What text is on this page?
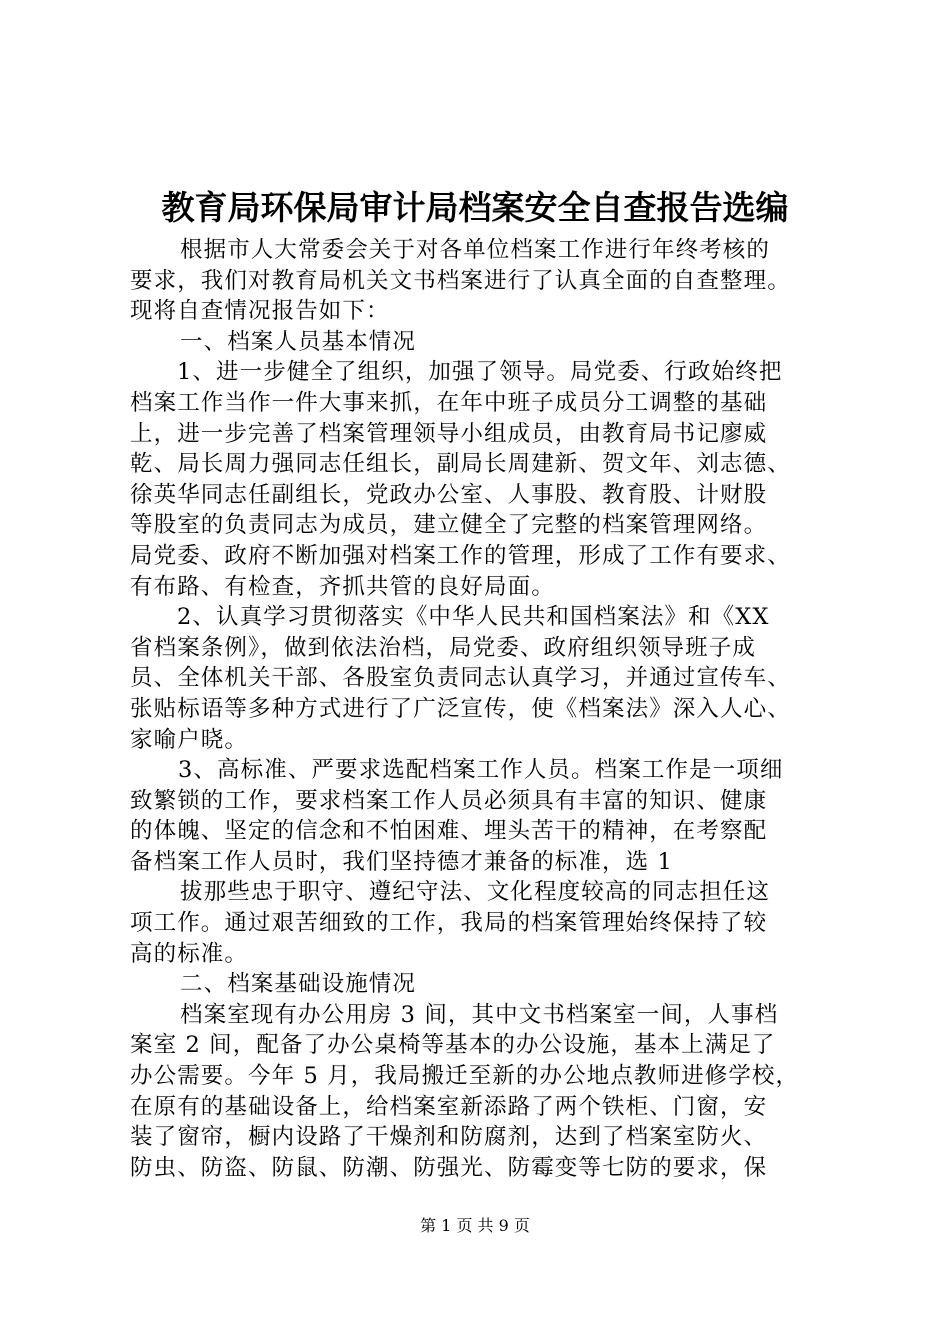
教育局环保局审计局档案安全自查报告选编
根据市人大常委会关于对各单位档案工作进行年终考核的
要求，我们对教育局机关文书档案进行了认真全面的自查整理。
现将自查情况报告如下：
一、档案人员基本情况
1、进一步健全了组织，加强了领导。局党委、行政始终把
档案工作当作一件大事来抓，在年中班子成员分工调整的基础
上，进一步完善了档案管理领导小组成员，由教育局书记廖威
乾、局长周力强同志任组长，副局长周建新、贺文年、刘志德、
徐英华同志任副组长，党政办公室、人事股、教育股、计财股
等股室的负责同志为成员，建立健全了完整的档案管理网络。
局党委、政府不断加强对档案工作的管理，形成了工作有要求、
有布路、有检查，齐抓共管的良好局面。
2、认真学习贯彻落实《中华人民共和国档案法》和《XX
省档案条例》，做到依法治档，局党委、政府组织领导班子成
员、全体机关干部、各股室负责同志认真学习，并通过宣传车、
张贴标语等多种方式进行了广泛宣传，使《档案法》深入人心、
家喻户晓。
3、高标准、严要求选配档案工作人员。档案工作是一项细
致繁锁的工作，要求档案工作人员必须具有丰富的知识、健康
的体魄、坚定的信念和不怕困难、埋头苦干的精神，在考察配
备档案工作人员时，我们坚持德才兼备的标准，选 1
拔那些忠于职守、遵纪守法、文化程度较高的同志担任这
项工作。通过艰苦细致的工作，我局的档案管理始终保持了较
高的标准。
二、档案基础设施情况
档案室现有办公用房 3 间，其中文书档案室一间，人事档
案室 2 间，配备了办公桌椅等基本的办公设施，基本上满足了
办公需要。今年 5 月，我局搬迁至新的办公地点教师进修学校，
在原有的基础设备上，给档案室新添路了两个铁柜、门窗，安
装了窗帘，橱内设路了干燥剂和防腐剂，达到了档案室防火、
防虫、防盗、防鼠、防潮、防强光、防霉变等七防的要求，保
第 1 页 共 9 页
